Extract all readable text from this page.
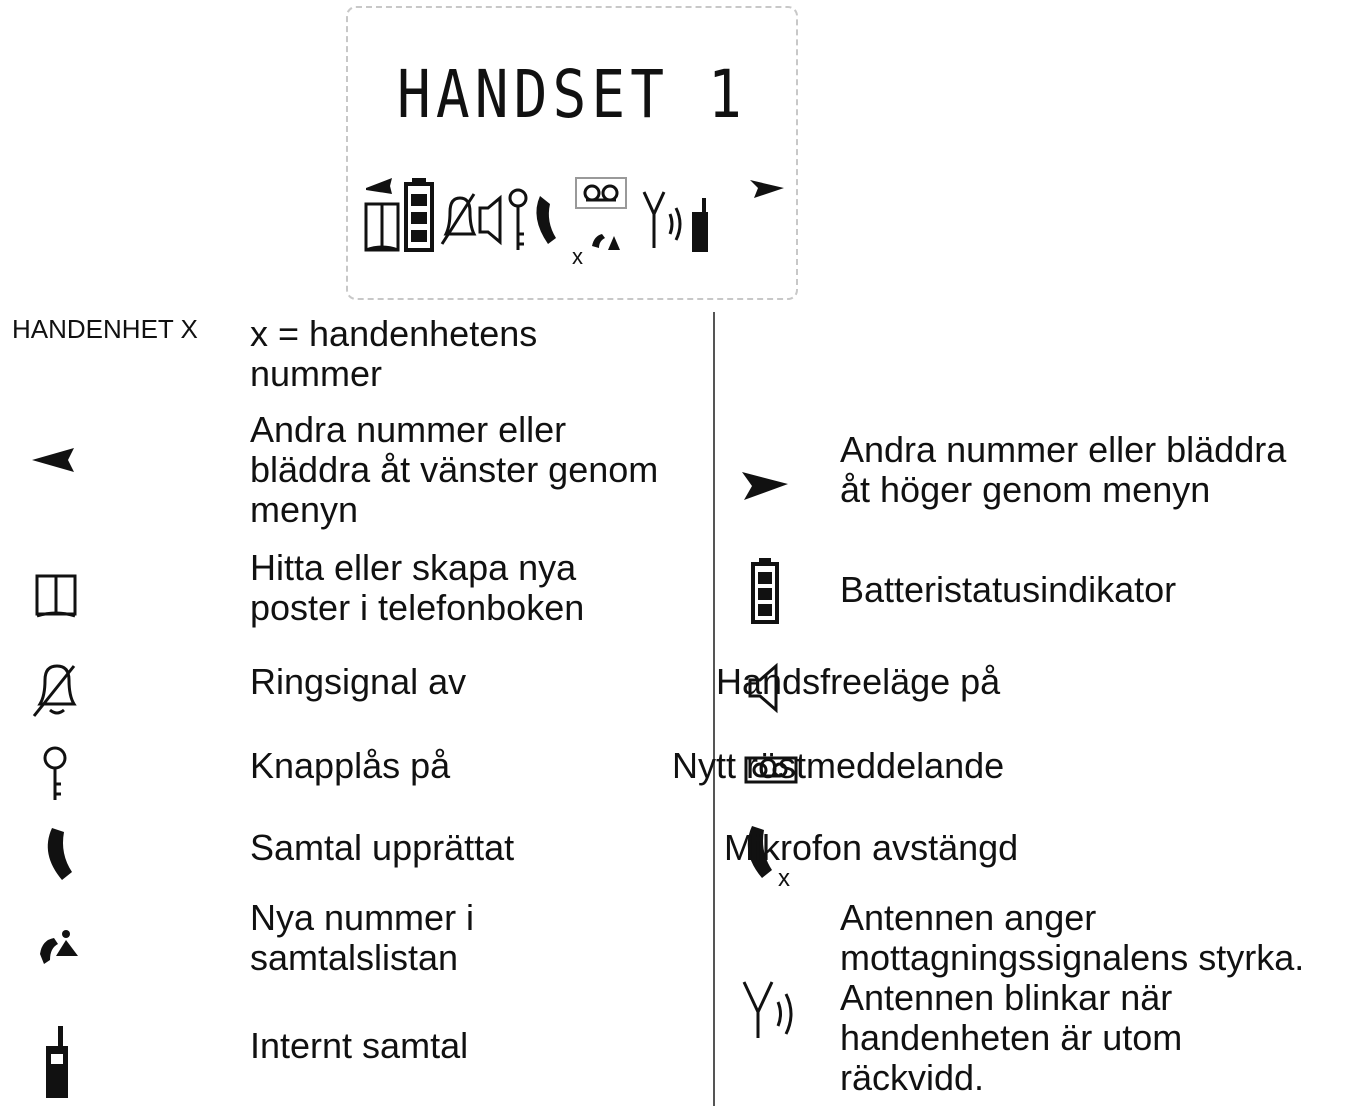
HANDSET 1
x
HANDENHET X x = handenhetens
nummer
Andra nummer eller
bläddra åt vänster genom
menyn
Hitta eller skapa nya
poster i telefonboken
Ringsignal av
Knapplås på
Samtal upprättat
Nya nummer i
samtalslistan
Internt samtal
Andra nummer eller bläddra
åt höger genom menyn
Batteristatusindikator
Handsfreeläge på
Nytt röstmeddelande
x
Mikrofon avstängd
Antennen anger
mottagningssignalens styrka.
Antennen blinkar när
handenheten är utom
räckvidd.
